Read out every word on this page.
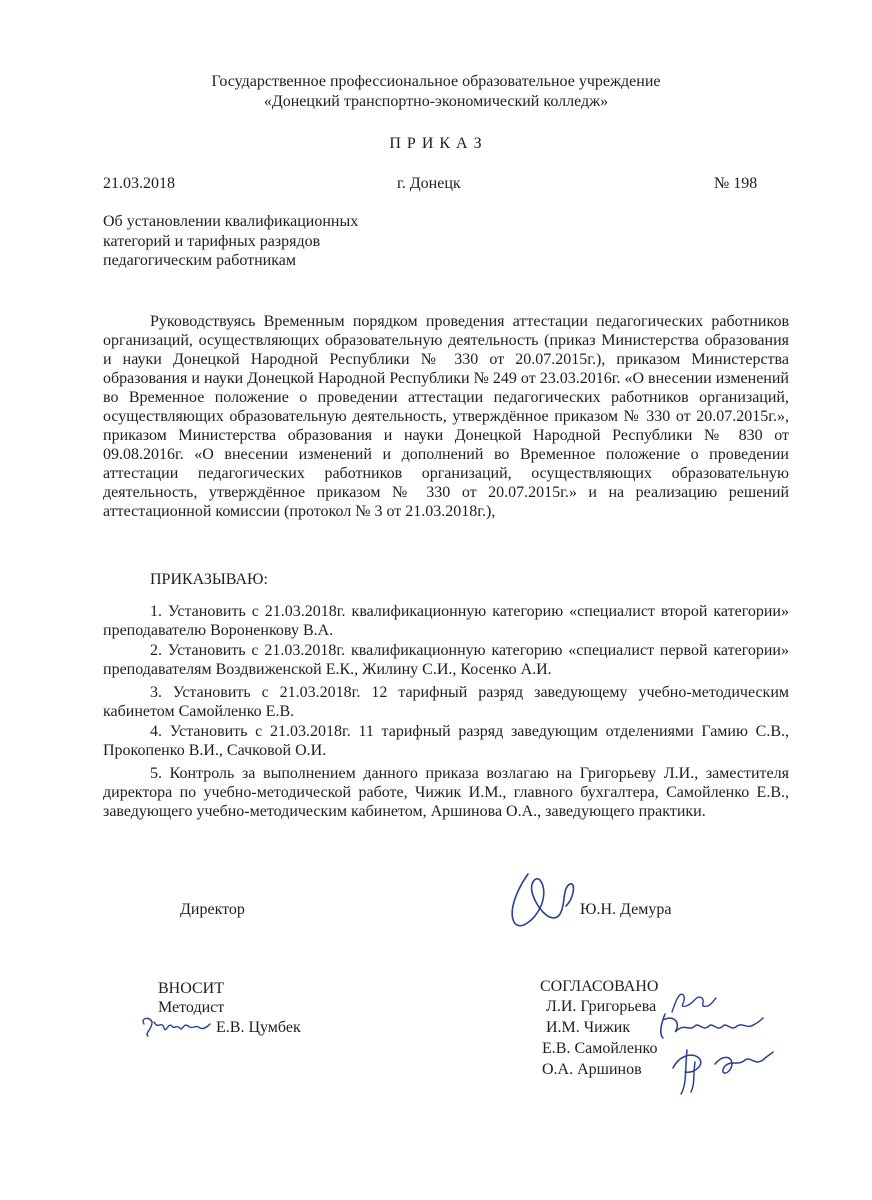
Государственное профессиональное образовательное учреждение
«Донецкий транспортно-экономический колледж»
П Р И К А З
21.03.2018	г. Донецк	№ 198
Об установлении квалификационных
категорий и тарифных разрядов
педагогическим работникам
Руководствуясь Временным порядком проведения аттестации педагогических работников организаций, осуществляющих образовательную деятельность (приказ Министерства образования и науки Донецкой Народной Республики № 330 от 20.07.2015г.), приказом Министерства образования и науки Донецкой Народной Республики № 249 от 23.03.2016г. «О внесении изменений во Временное положение о проведении аттестации педагогических работников организаций, осуществляющих образовательную деятельность, утверждённое приказом № 330 от 20.07.2015г.», приказом Министерства образования и науки Донецкой Народной Республики № 830 от 09.08.2016г. «О внесении изменений и дополнений во Временное положение о проведении аттестации педагогических работников организаций, осуществляющих образовательную деятельность, утверждённое приказом № 330 от 20.07.2015г.» и на реализацию решений аттестационной комиссии (протокол № 3 от 21.03.2018г.),
ПРИКАЗЫВАЮ:
1. Установить с 21.03.2018г. квалификационную категорию «специалист второй категории» преподавателю Вороненкову В.А.
2. Установить с 21.03.2018г. квалификационную категорию «специалист первой категории» преподавателям Воздвиженской Е.К., Жилину С.И., Косенко А.И.
3. Установить с 21.03.2018г. 12 тарифный разряд заведующему учебно-методическим кабинетом Самойленко Е.В.
4. Установить с 21.03.2018г. 11 тарифный разряд заведующим отделениями Гамию С.В., Прокопенко В.И., Сачковой О.И.
5. Контроль за выполнением данного приказа возлагаю на Григорьеву Л.И., заместителя директора по учебно-методической работе, Чижик И.М., главного бухгалтера, Самойленко Е.В., заведующего учебно-методическим кабинетом, Аршинова О.А., заведующего практики.
Директор	Ю.Н. Демура
ВНОСИТ
Методист
Е.В. Цумбек
СОГЛАСОВАНО
Л.И. Григорьева
И.М. Чижик
Е.В. Самойленко
О.А. Аршинов
